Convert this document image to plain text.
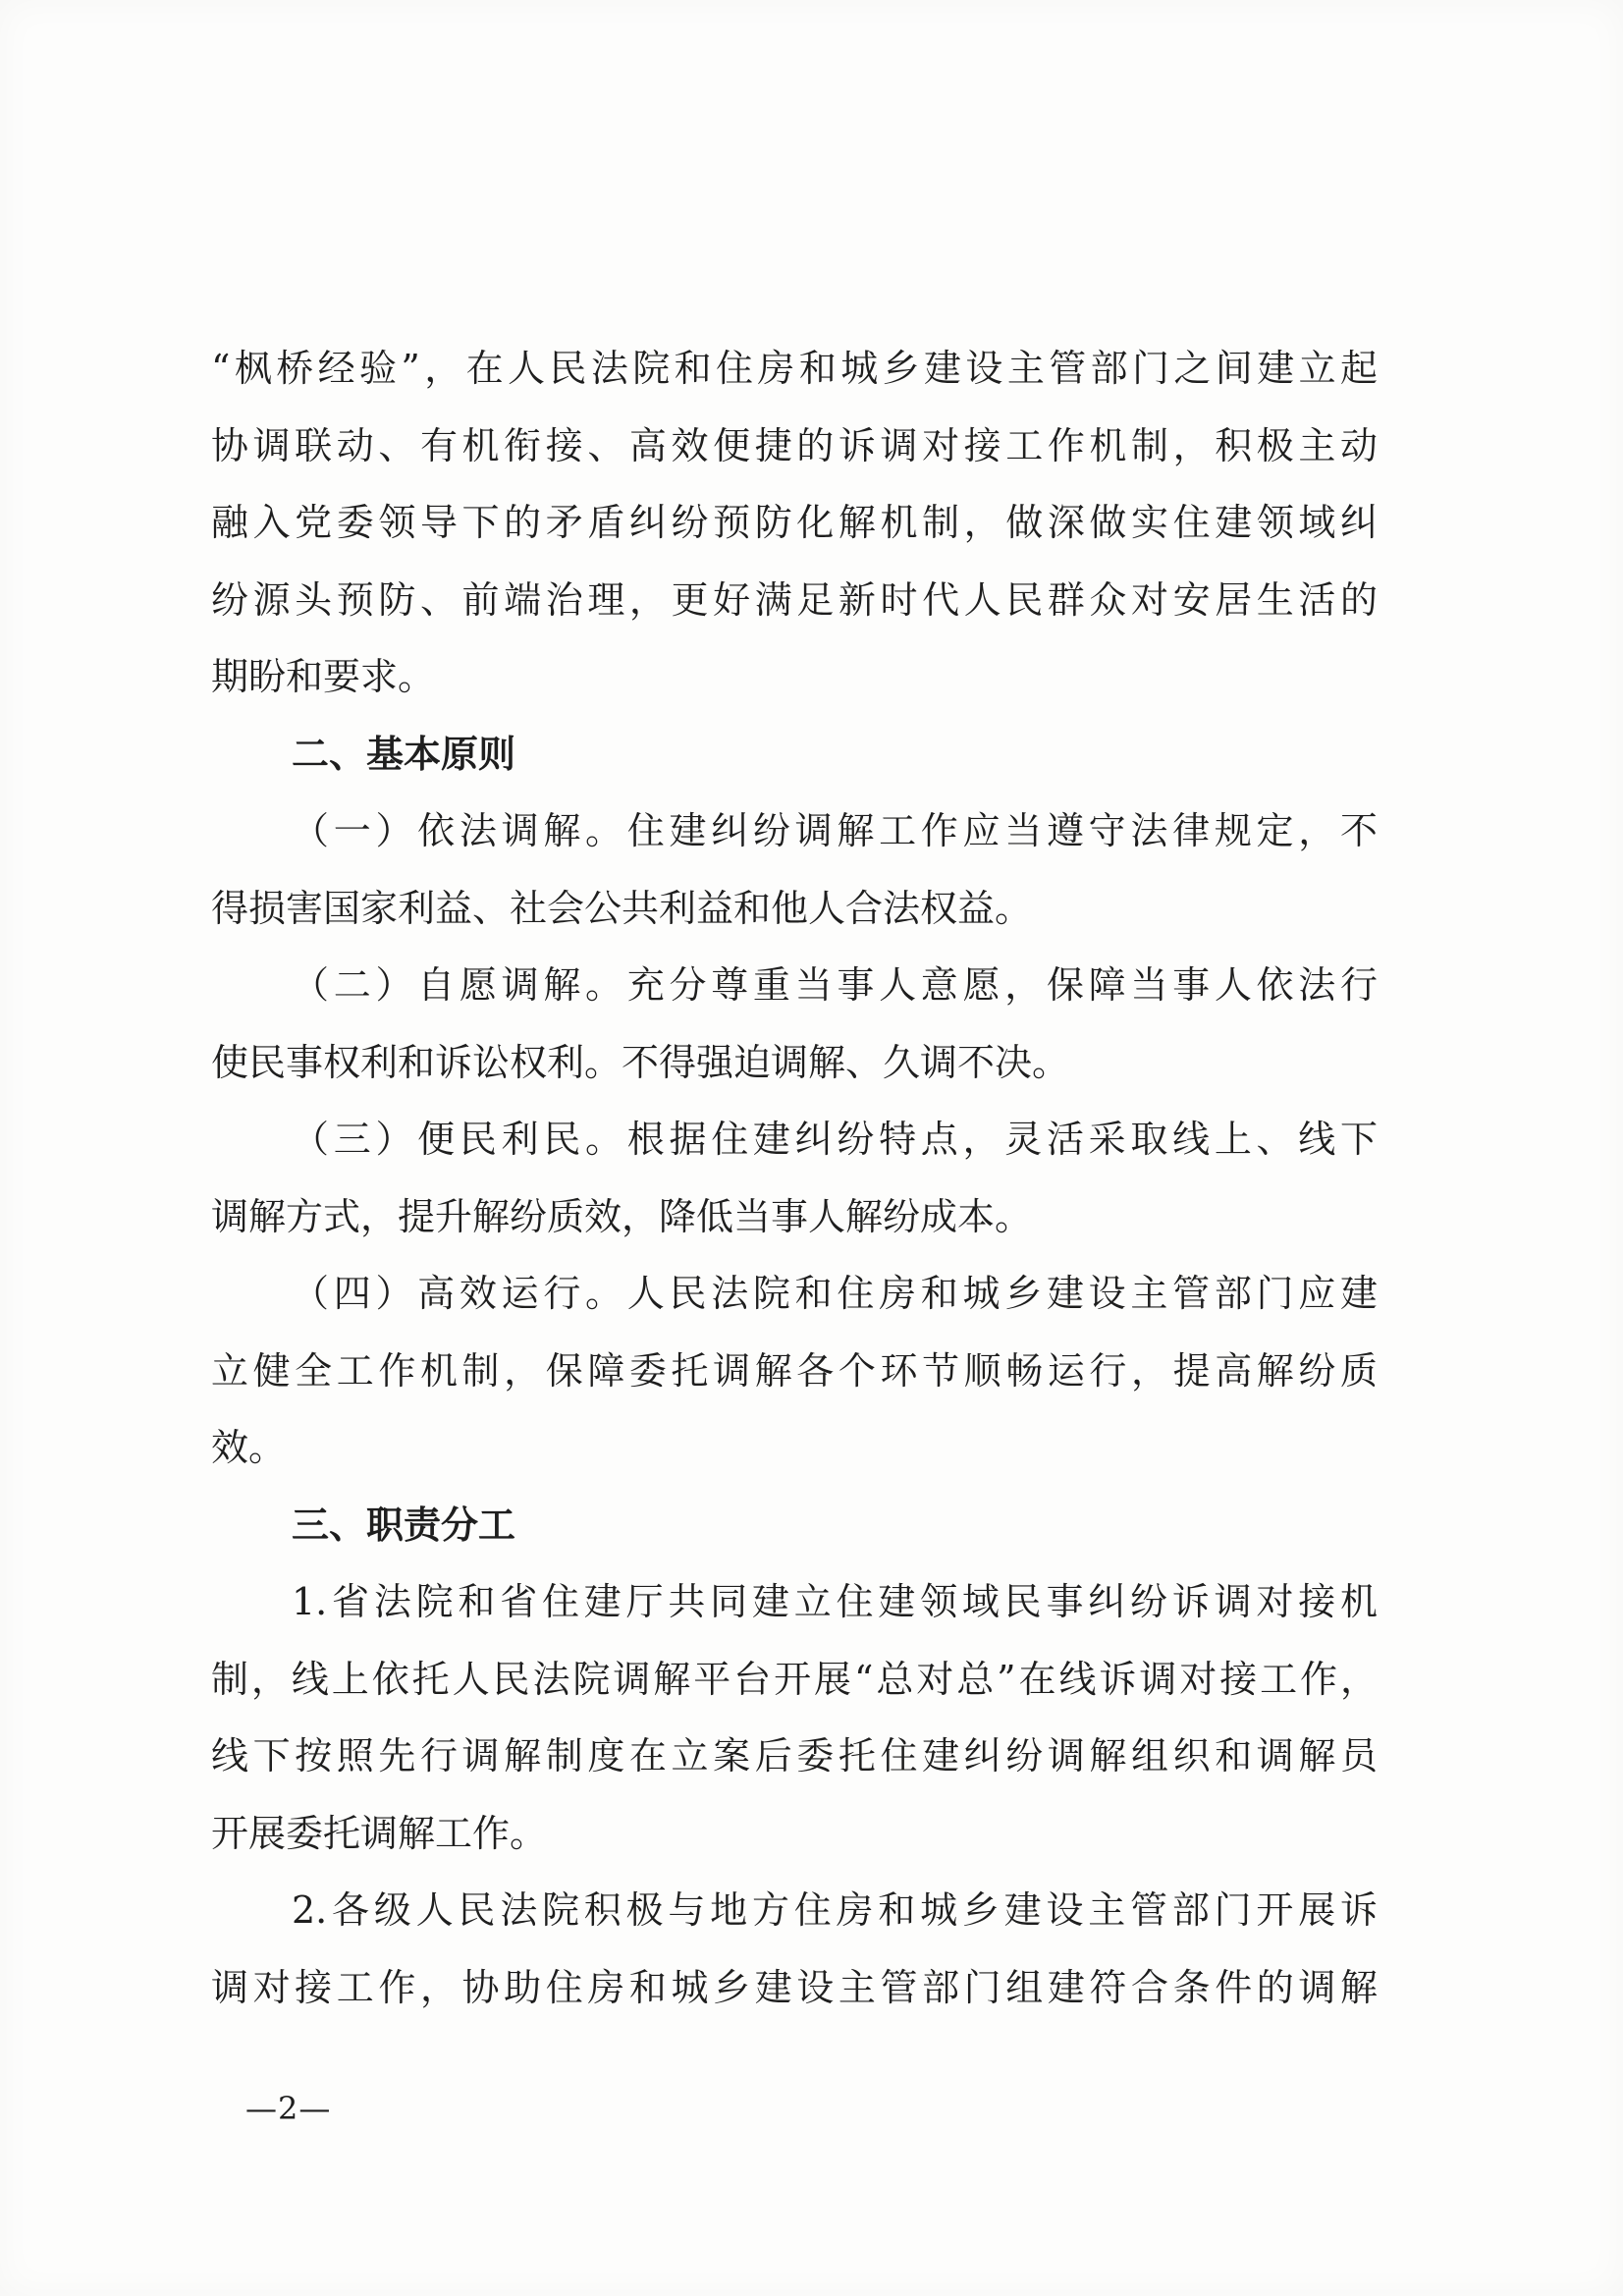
“枫桥经验”，在人民法院和住房和城乡建设主管部门之间建立起
协调联动、有机衔接、高效便捷的诉调对接工作机制，积极主动
融入党委领导下的矛盾纠纷预防化解机制，做深做实住建领域纠
纷源头预防、前端治理，更好满足新时代人民群众对安居生活的
期盼和要求。
二、基本原则
（一）依法调解。住建纠纷调解工作应当遵守法律规定，不
得损害国家利益、社会公共利益和他人合法权益。
（二）自愿调解。充分尊重当事人意愿，保障当事人依法行
使民事权利和诉讼权利。不得强迫调解、久调不决。
（三）便民利民。根据住建纠纷特点，灵活采取线上、线下
调解方式，提升解纷质效，降低当事人解纷成本。
（四）高效运行。人民法院和住房和城乡建设主管部门应建
立健全工作机制，保障委托调解各个环节顺畅运行，提高解纷质
效。
三、职责分工
1.省法院和省住建厅共同建立住建领域民事纠纷诉调对接机
制，线上依托人民法院调解平台开展“总对总”在线诉调对接工作，
线下按照先行调解制度在立案后委托住建纠纷调解组织和调解员
开展委托调解工作。
2.各级人民法院积极与地方住房和城乡建设主管部门开展诉
调对接工作，协助住房和城乡建设主管部门组建符合条件的调解
—2—
